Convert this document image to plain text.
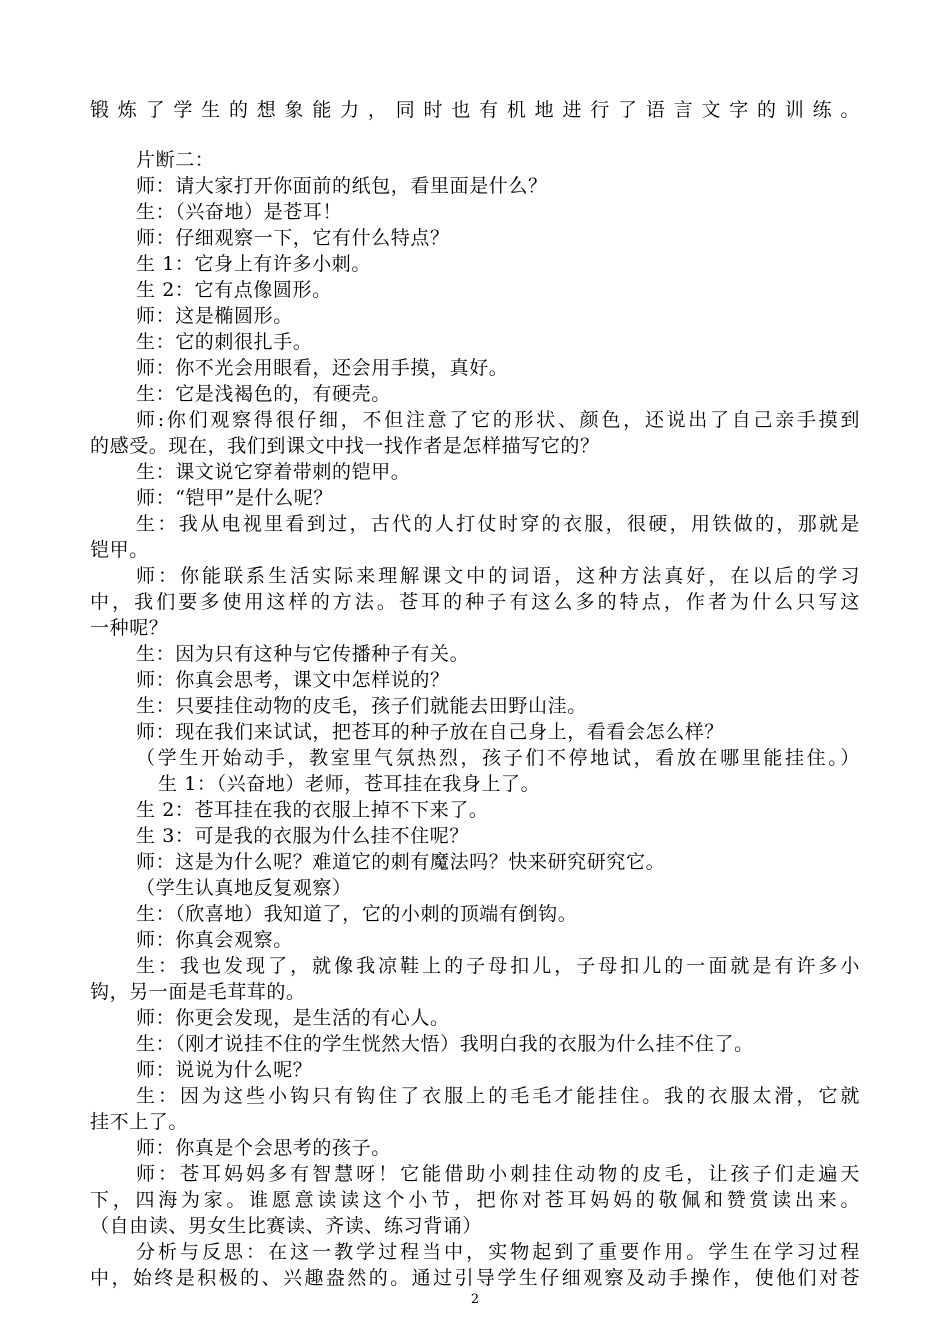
锻炼了学生的想象能力，同时也有机地进行了语言文字的训练。
片断二：
师：请大家打开你面前的纸包，看里面是什么？
生：（兴奋地）是苍耳！
师：仔细观察一下，它有什么特点？
生 1：它身上有许多小刺。
生 2：它有点像圆形。
师：这是椭圆形。
生：它的刺很扎手。
师：你不光会用眼看，还会用手摸，真好。
生：它是浅褐色的，有硬壳。
师:你们观察得很仔细，不但注意了它的形状、颜色，还说出了自己亲手摸到
的感受。现在，我们到课文中找一找作者是怎样描写它的？
生：课文说它穿着带刺的铠甲。
师：“铠甲”是什么呢？
生：我从电视里看到过，古代的人打仗时穿的衣服，很硬，用铁做的，那就是
铠甲。
师：你能联系生活实际来理解课文中的词语，这种方法真好，在以后的学习
中，我们要多使用这样的方法。苍耳的种子有这么多的特点，作者为什么只写这
一种呢？
生：因为只有这种与它传播种子有关。
师：你真会思考，课文中怎样说的？
生：只要挂住动物的皮毛，孩子们就能去田野山洼。
师：现在我们来试试，把苍耳的种子放在自己身上，看看会怎么样？
（学生开始动手，教室里气氛热烈，孩子们不停地试，看放在哪里能挂住。）
生 1：（兴奋地）老师，苍耳挂在我身上了。
生 2：苍耳挂在我的衣服上掉不下来了。
生 3：可是我的衣服为什么挂不住呢？
师：这是为什么呢？难道它的刺有魔法吗？快来研究研究它。
（学生认真地反复观察）
生：（欣喜地）我知道了，它的小刺的顶端有倒钩。
师：你真会观察。
生：我也发现了，就像我凉鞋上的子母扣儿，子母扣儿的一面就是有许多小
钩，另一面是毛茸茸的。
师：你更会发现，是生活的有心人。
生：（刚才说挂不住的学生恍然大悟）我明白我的衣服为什么挂不住了。
师：说说为什么呢？
生：因为这些小钩只有钩住了衣服上的毛毛才能挂住。我的衣服太滑，它就
挂不上了。
师：你真是个会思考的孩子。
师：苍耳妈妈多有智慧呀！它能借助小刺挂住动物的皮毛，让孩子们走遍天
下，四海为家。谁愿意读读这个小节，把你对苍耳妈妈的敬佩和赞赏读出来。
（自由读、男女生比赛读、齐读、练习背诵）
分析与反思：在这一教学过程当中，实物起到了重要作用。学生在学习过程
中，始终是积极的、兴趣盎然的。通过引导学生仔细观察及动手操作，使他们对苍
2
